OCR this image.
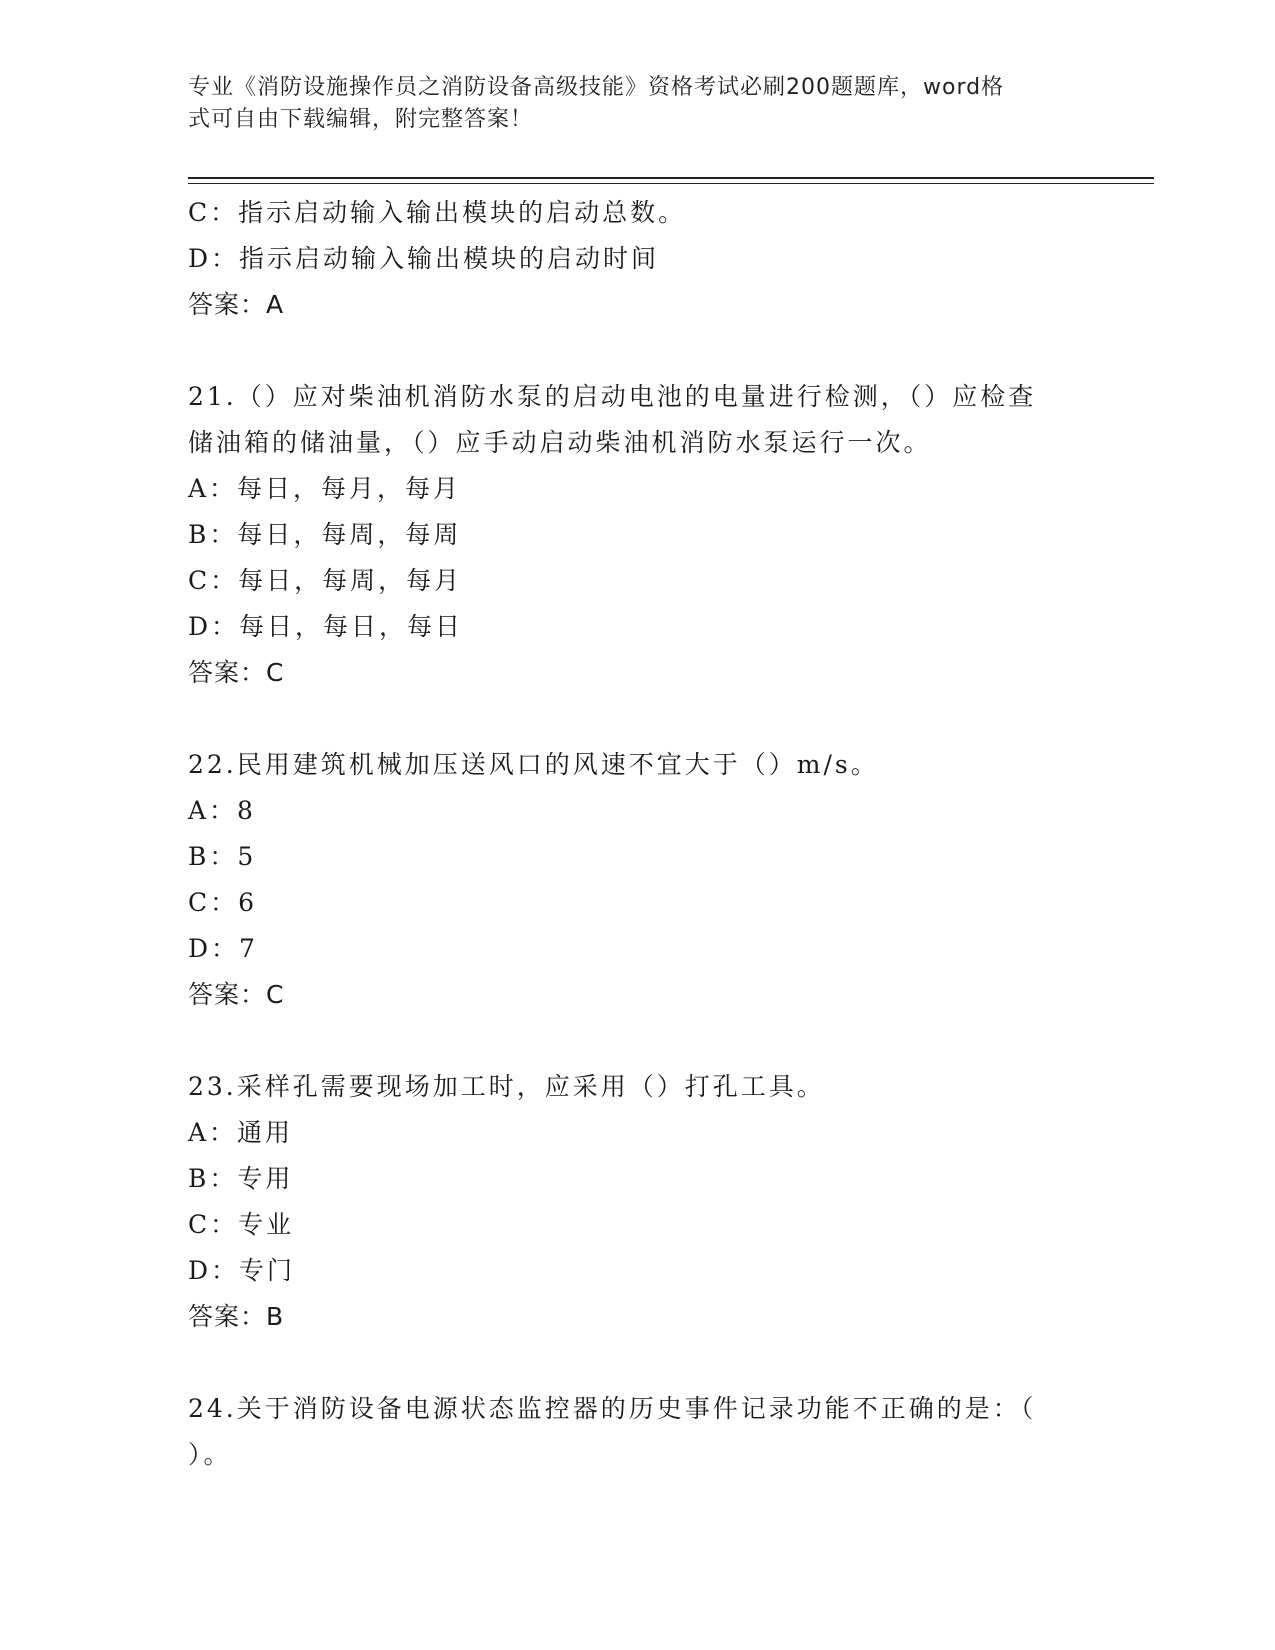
专业《消防设施操作员之消防设备高级技能》资格考试必刷200题题库，word格
式可自由下载编辑，附完整答案！
C：指示启动输入输出模块的启动总数。
D：指示启动输入输出模块的启动时间
答案：A
21.（）应对柴油机消防水泵的启动电池的电量进行检测，（）应检查
储油箱的储油量，（）应手动启动柴油机消防水泵运行一次。
A：每日，每月，每月
B：每日，每周，每周
C：每日，每周，每月
D：每日，每日，每日
答案：C
22.民用建筑机械加压送风口的风速不宜大于（）m/s。
A：8
B：5
C：6
D：7
答案：C
23.采样孔需要现场加工时，应采用（）打孔工具。
A：通用
B：专用
C：专业
D：专门
答案：B
24.关于消防设备电源状态监控器的历史事件记录功能不正确的是：（
）。
